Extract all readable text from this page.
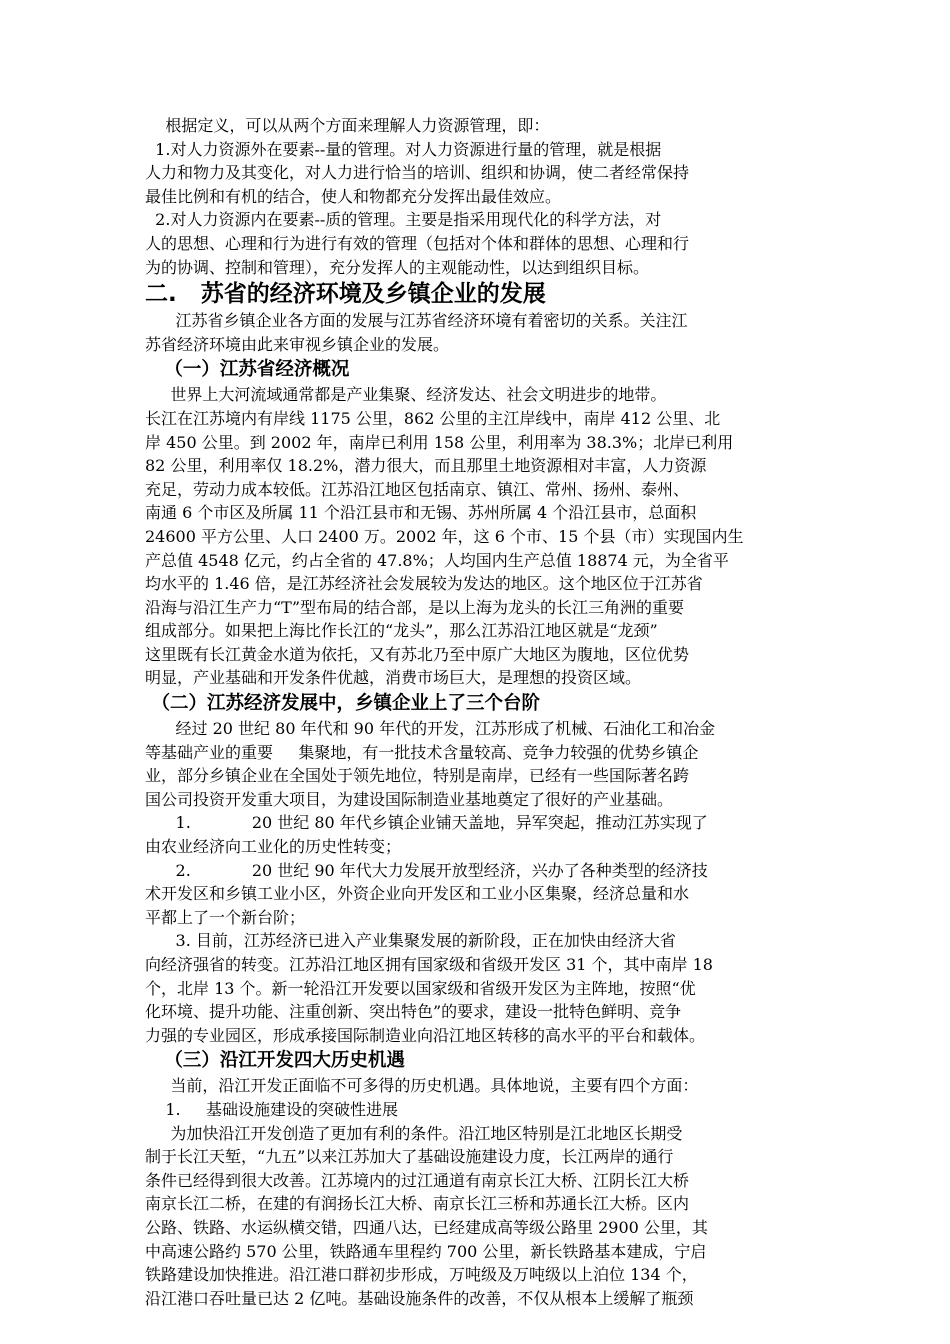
根据定义，可以从两个方面来理解人力资源管理，即：
1.对人力资源外在要素--量的管理。对人力资源进行量的管理，就是根据
人力和物力及其变化，对人力进行恰当的培训、组织和协调，使二者经常保持
最佳比例和有机的结合，使人和物都充分发挥出最佳效应。
2.对人力资源内在要素--质的管理。主要是指采用现代化的科学方法，对
人的思想、心理和行为进行有效的管理（包括对个体和群体的思想、心理和行
为的协调、控制和管理），充分发挥人的主观能动性，以达到组织目标。
二.   苏省的经济环境及乡镇企业的发展
江苏省乡镇企业各方面的发展与江苏省经济环境有着密切的关系。关注江
苏省经济环境由此来审视乡镇企业的发展。
（一）江苏省经济概况
世界上大河流域通常都是产业集聚、经济发达、社会文明进步的地带。
长江在江苏境内有岸线 1175 公里，862 公里的主江岸线中，南岸 412 公里、北
岸 450 公里。到 2002 年，南岸已利用 158 公里，利用率为 38.3%；北岸已利用
82 公里，利用率仅 18.2%，潜力很大，而且那里土地资源相对丰富，人力资源
充足，劳动力成本较低。江苏沿江地区包括南京、镇江、常州、扬州、泰州、
南通 6 个市区及所属 11 个沿江县市和无锡、苏州所属 4 个沿江县市，总面积
24600 平方公里、人口 2400 万。2002 年，这 6 个市、15 个县（市）实现国内生
产总值 4548 亿元，约占全省的 47.8%；人均国内生产总值 18874 元，为全省平
均水平的 1.46 倍，是江苏经济社会发展较为发达的地区。这个地区位于江苏省
沿海与沿江生产力“T”型布局的结合部，是以上海为龙头的长江三角洲的重要
组成部分。如果把上海比作长江的“龙头”，那么江苏沿江地区就是“龙颈”
这里既有长江黄金水道为依托，又有苏北乃至中原广大地区为腹地，区位优势
明显，产业基础和开发条件优越，消费市场巨大，是理想的投资区域。
（二）江苏经济发展中，乡镇企业上了三个台阶
经过 20 世纪 80 年代和 90 年代的开发，江苏形成了机械、石油化工和冶金
等基础产业的重要     集聚地，有一批技术含量较高、竞争力较强的优势乡镇企
业，部分乡镇企业在全国处于领先地位，特别是南岸，已经有一些国际著名跨
国公司投资开发重大项目，为建设国际制造业基地奠定了很好的产业基础。
1.            20 世纪 80 年代乡镇企业铺天盖地，异军突起，推动江苏实现了
由农业经济向工业化的历史性转变；
2.            20 世纪 90 年代大力发展开放型经济，兴办了各种类型的经济技
术开发区和乡镇工业小区，外资企业向开发区和工业小区集聚，经济总量和水
平都上了一个新台阶；
3. 目前，江苏经济已进入产业集聚发展的新阶段，正在加快由经济大省
向经济强省的转变。江苏沿江地区拥有国家级和省级开发区 31 个，其中南岸 18
个，北岸 13 个。新一轮沿江开发要以国家级和省级开发区为主阵地，按照“优
化环境、提升功能、注重创新、突出特色”的要求，建设一批特色鲜明、竞争
力强的专业园区，形成承接国际制造业向沿江地区转移的高水平的平台和载体。
（三）沿江开发四大历史机遇
当前，沿江开发正面临不可多得的历史机遇。具体地说，主要有四个方面：
1.     基础设施建设的突破性进展
为加快沿江开发创造了更加有利的条件。沿江地区特别是江北地区长期受
制于长江天堑，“九五”以来江苏加大了基础设施建设力度，长江两岸的通行
条件已经得到很大改善。江苏境内的过江通道有南京长江大桥、江阴长江大桥
南京长江二桥，在建的有润扬长江大桥、南京长江三桥和苏通长江大桥。区内
公路、铁路、水运纵横交错，四通八达，已经建成高等级公路里 2900 公里，其
中高速公路约 570 公里，铁路通车里程约 700 公里，新长铁路基本建成，宁启
铁路建设加快推进。沿江港口群初步形成，万吨级及万吨级以上泊位 134 个，
沿江港口吞吐量已达 2 亿吨。基础设施条件的改善，不仅从根本上缓解了瓶颈
